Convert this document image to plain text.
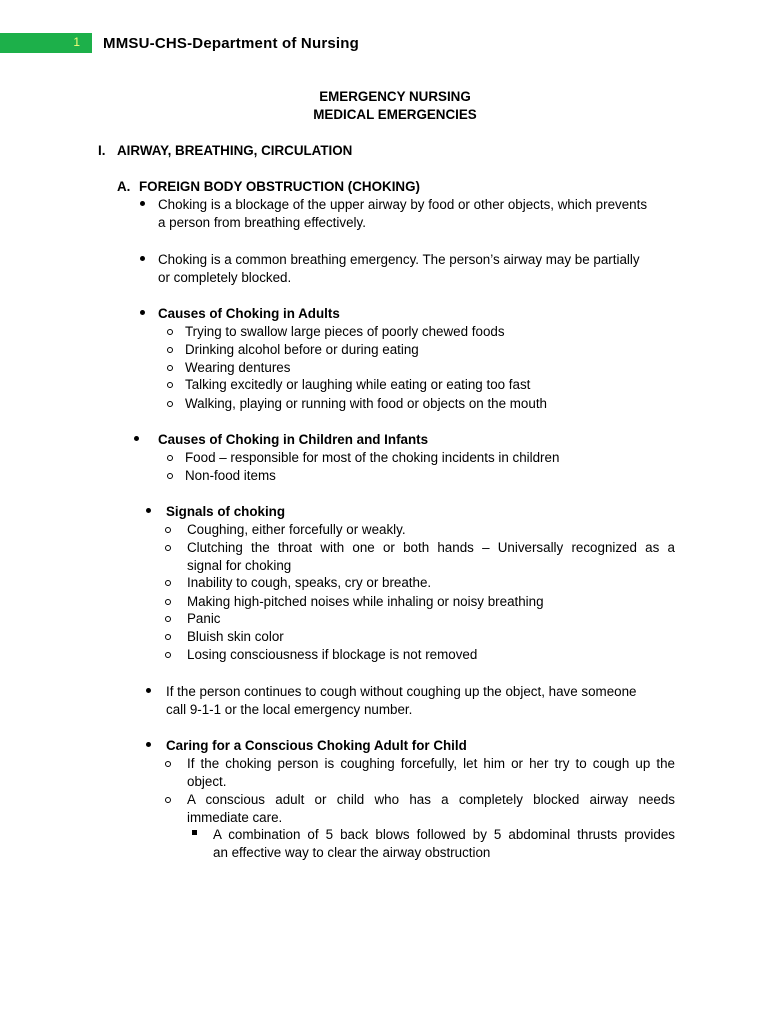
1 MMSU-CHS-Department of Nursing
EMERGENCY NURSING
MEDICAL EMERGENCIES
I. AIRWAY, BREATHING, CIRCULATION
A. FOREIGN BODY OBSTRUCTION (CHOKING)
Choking is a blockage of the upper airway by food or other objects, which prevents
a person from breathing effectively.
Choking is a common breathing emergency. The person’s airway may be partially
or completely blocked.
Causes of Choking in Adults
Trying to swallow large pieces of poorly chewed foods
Drinking alcohol before or during eating
Wearing dentures
Talking excitedly or laughing while eating or eating too fast
Walking, playing or running with food or objects on the mouth
Causes of Choking in Children and Infants
Food – responsible for most of the choking incidents in children
Non-food items
Signals of choking
Coughing, either forcefully or weakly.
Clutching the throat with one or both hands – Universally recognized as a
signal for choking
Inability to cough, speaks, cry or breathe.
Making high-pitched noises while inhaling or noisy breathing
Panic
Bluish skin color
Losing consciousness if blockage is not removed
If the person continues to cough without coughing up the object, have someone
call 9-1-1 or the local emergency number.
Caring for a Conscious Choking Adult for Child
If the choking person is coughing forcefully, let him or her try to cough up the
object.
A conscious adult or child who has a completely blocked airway needs
immediate care.
A combination of 5 back blows followed by 5 abdominal thrusts provides
an effective way to clear the airway obstruction
